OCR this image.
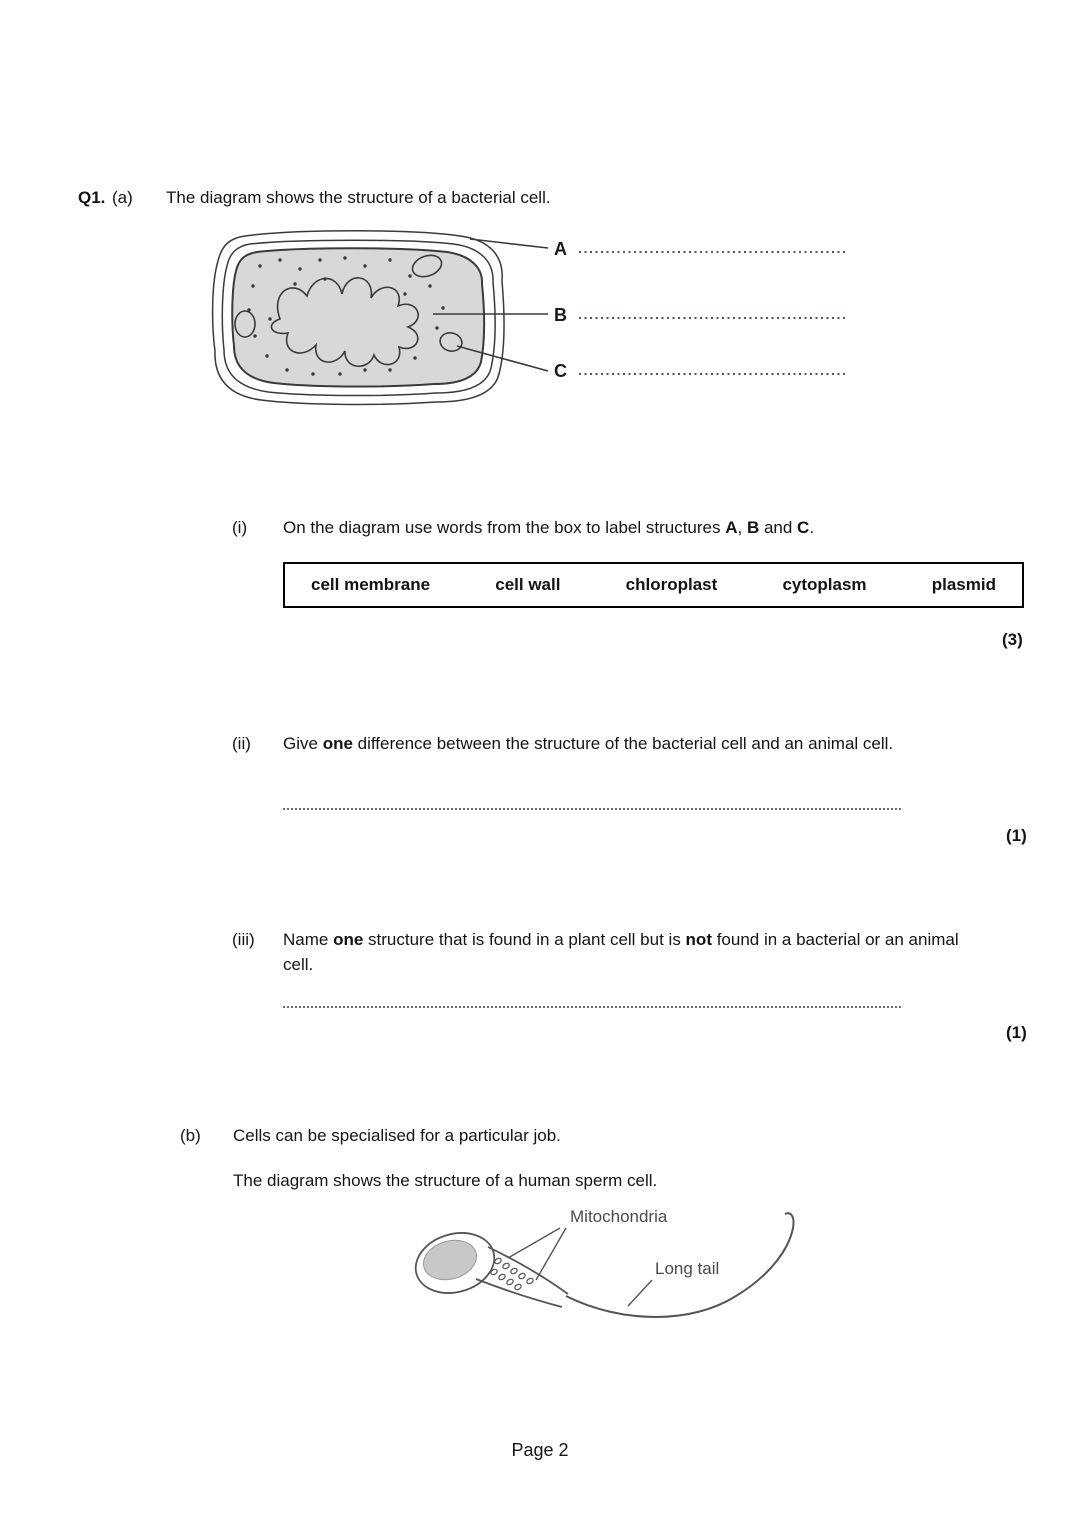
Q1. (a) The diagram shows the structure of a bacterial cell.
A
B
C
(i) On the diagram use words from the box to label structures A, B and C.

cell membrane	cell wall	chloroplast	cytoplasm	plasmid
(3)
(ii) Give one difference between the structure of the bacterial cell and an animal cell.

(1)
(iii) Name one structure that is found in a plant cell but is not found in a bacterial or an animal cell.

(1)
(b) Cells can be specialised for a particular job.

The diagram shows the structure of a human sperm cell.

Mitochondria
Long tail
Page 2
